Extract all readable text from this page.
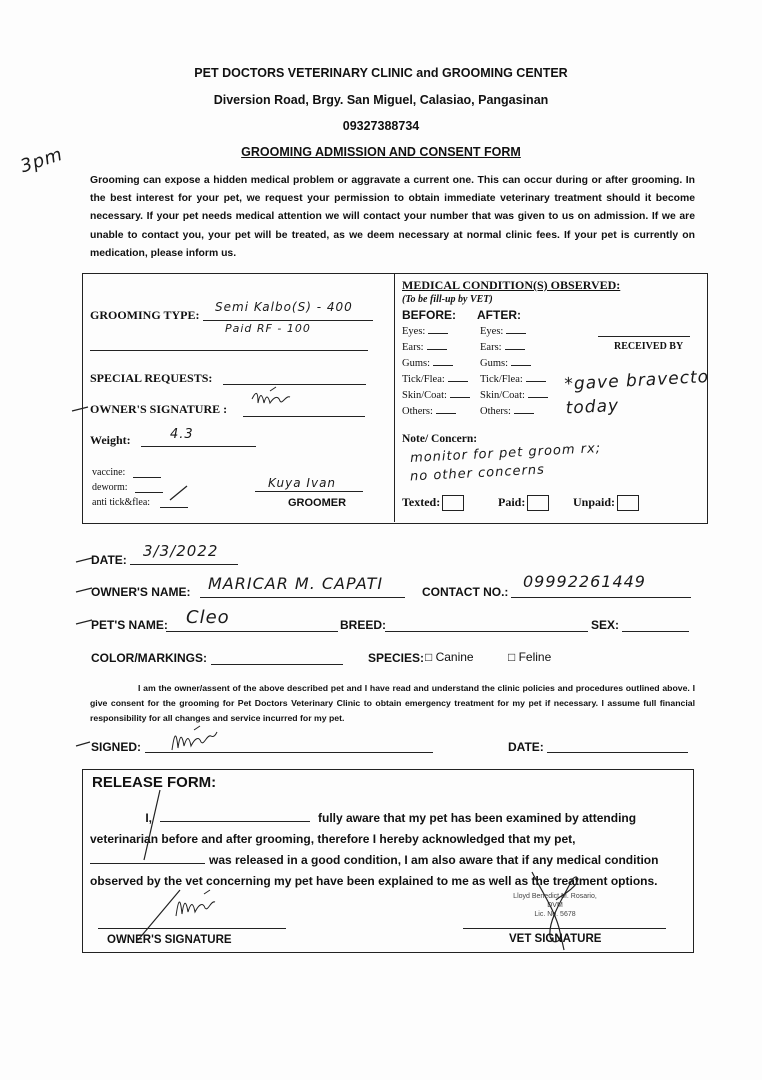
PET DOCTORS VETERINARY CLINIC and GROOMING CENTER
Diversion Road, Brgy. San Miguel, Calasiao, Pangasinan
09327388734
GROOMING ADMISSION AND CONSENT FORM
3pm
Grooming can expose a hidden medical problem or aggravate a current one. This can occur during or after grooming. In the best interest for your pet, we request your permission to obtain immediate veterinary treatment should it become necessary. If your pet needs medical attention we will contact your number that was given to us on admission. If we are unable to contact you, your pet will be treated, as we deem necessary at normal clinic fees. If your pet is currently on medication, please inform us.
GROOMING TYPE:
Semi Kalbo(S) - 400
Paid RF - 100
SPECIAL REQUESTS:
OWNER'S SIGNATURE :
Weight:	4.3
vaccine:
deworm:
anti tick&flea:
Kuya Ivan
GROOMER
MEDICAL CONDITION(S) OBSERVED:
(To be fill-up by VET)
BEFORE: AFTER:
Eyes:	Eyes:
Ears:	Ears:
Gums:	Gums:
Tick/Flea:	Tick/Flea:
Skin/Coat:	Skin/Coat:
Others:	Others:
RECEIVED BY
*gave bravecto today
Note/ Concern:
monitor for pet groom rx;
no other concerns
Texted:	Paid:	Unpaid:
DATE: 3/3/2022
OWNER'S NAME: MARICAR M. CAPATI	CONTACT NO.:
09992261449
PET'S NAME: Cleo	BREED:	SEX:
COLOR/MARKINGS:	SPECIES: □ Canine	□ Feline
I am the owner/assent of the above described pet and I have read and understand the clinic policies and procedures outlined above. I give consent for the grooming for Pet Doctors Veterinary Clinic to obtain emergency treatment for my pet if necessary. I assume full financial responsibility for all changes and service incurred for my pet.
SIGNED:	DATE:
RELEASE FORM:
I,	fully aware that my pet has been examined by attending
veterinarian before and after grooming, therefore I hereby acknowledged that my pet,
was released in a good condition, I am also aware that if any medical condition
observed by the vet concerning my pet have been explained to me as well as the treatment options.
OWNER'S SIGNATURE
Lloyd Benedict M. Rosario, DVM
Lic. No. 5678
VET SIGNATURE
